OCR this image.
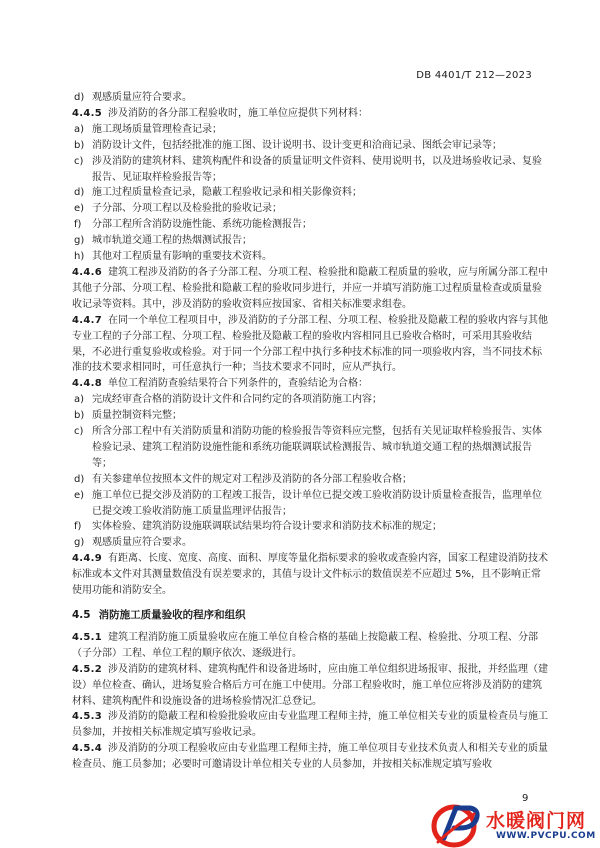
DB 4401/T 212—2023
d) 观感质量应符合要求。
4.4.5 涉及消防的各分部工程验收时，施工单位应提供下列材料：
a) 施工现场质量管理检查记录；
b) 消防设计文件，包括经批准的施工图、设计说明书、设计变更和洽商记录、图纸会审记录等；
c) 涉及消防的建筑材料、建筑构配件和设备的质量证明文件资料、使用说明书，以及进场验收记录、复验报告、见证取样检验报告等；
d) 施工过程质量检查记录，隐蔽工程验收记录和相关影像资料；
e) 子分部、分项工程以及检验批的验收记录；
f) 分部工程所含消防设施性能、系统功能检测报告；
g) 城市轨道交通工程的热烟测试报告；
h) 其他对工程质量有影响的重要技术资料。
4.4.6 建筑工程涉及消防的各子分部工程、分项工程、检验批和隐蔽工程质量的验收，应与所属分部工程中其他子分部、分项工程、检验批和隐蔽工程的验收同步进行，并应一并填写消防施工过程质量检查或质量验收记录等资料。其中，涉及消防的验收资料应按国家、省相关标准要求组卷。
4.4.7 在同一个单位工程项目中，涉及消防的子分部工程、分项工程、检验批及隐蔽工程的验收内容与其他专业工程的子分部工程、分项工程、检验批及隐蔽工程的验收内容相同且已验收合格时，可采用其验收结果，不必进行重复验收或检验。对于同一个分部工程中执行多种技术标准的同一项验收内容，当不同技术标准的技术要求相同时，可任意执行一种；当技术要求不同时，应从严执行。
4.4.8 单位工程消防查验结果符合下列条件的，查验结论为合格：
a) 完成经审查合格的消防设计文件和合同约定的各项消防施工内容；
b) 质量控制资料完整；
c) 所含分部工程中有关消防质量和消防功能的检验报告等资料应完整，包括有关见证取样检验报告、实体检验记录、建筑工程消防设施性能和系统功能联调联试检测报告、城市轨道交通工程的热烟测试报告等；
d) 有关参建单位按照本文件的规定对工程涉及消防的各分部工程验收合格；
e) 施工单位已提交涉及消防的工程竣工报告，设计单位已提交竣工验收消防设计质量检查报告，监理单位已提交竣工验收消防施工质量监理评估报告；
f) 实体检验、建筑消防设施联调联试结果均符合设计要求和消防技术标准的规定；
g) 观感质量应符合要求。
4.4.9 有距离、长度、宽度、高度、面积、厚度等量化指标要求的验收或查验内容，国家工程建设消防技术标准或本文件对其测量数值没有误差要求的，其值与设计文件标示的数值误差不应超过 5%，且不影响正常使用功能和消防安全。
4.5 消防施工质量验收的程序和组织
4.5.1 建筑工程消防施工质量验收应在施工单位自检合格的基础上按隐蔽工程、检验批、分项工程、分部（子分部）工程、单位工程的顺序依次、逐级进行。
4.5.2 涉及消防的建筑材料、建筑构配件和设备进场时，应由施工单位组织进场报审、报批，并经监理（建设）单位检查、确认，进场复验合格后方可在施工中使用。分部工程验收时，施工单位应将涉及消防的建筑材料、建筑构配件和设施设备的进场检验情况汇总登记。
4.5.3 涉及消防的隐蔽工程和检验批验收应由专业监理工程师主持，施工单位相关专业的质量检查员与施工员参加，并按相关标准规定填写验收记录。
4.5.4 涉及消防的分项工程验收应由专业监理工程师主持，施工单位项目专业技术负责人和相关专业的质量检查员、施工员参加；必要时可邀请设计单位相关专业的人员参加，并按相关标准规定填写验收
9
水暖阀门网
WWW.PVCPU.COM
